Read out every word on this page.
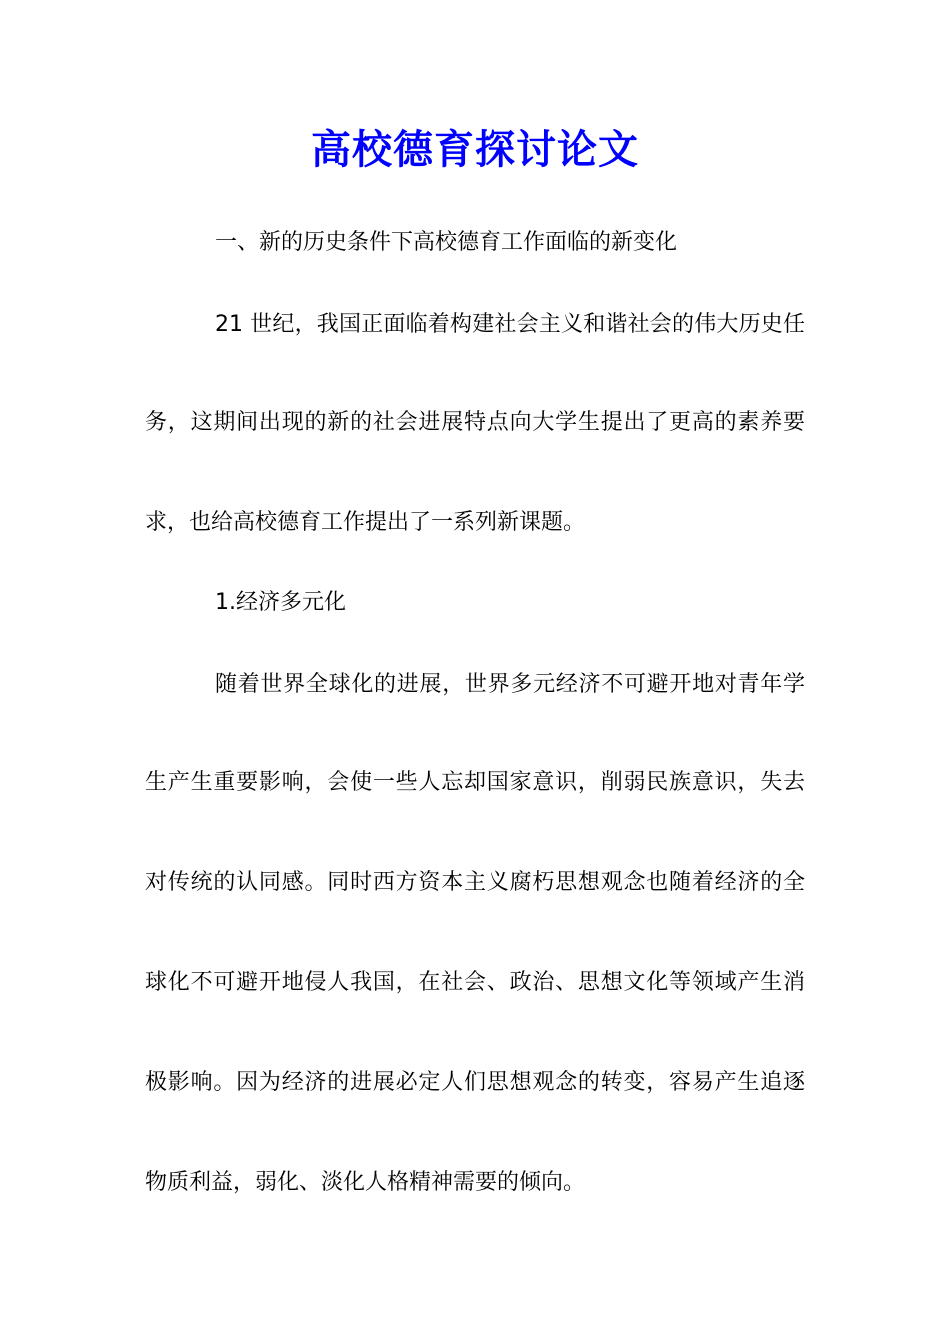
高校德育探讨论文
一、新的历史条件下高校德育工作面临的新变化
21 世纪，我国正面临着构建社会主义和谐社会的伟大历史任
务，这期间出现的新的社会进展特点向大学生提出了更高的素养要
求，也给高校德育工作提出了一系列新课题。
1.经济多元化
随着世界全球化的进展，世界多元经济不可避开地对青年学
生产生重要影响，会使一些人忘却国家意识，削弱民族意识，失去
对传统的认同感。同时西方资本主义腐朽思想观念也随着经济的全
球化不可避开地侵人我国，在社会、政治、思想文化等领域产生消
极影响。因为经济的进展必定人们思想观念的转变，容易产生追逐
物质利益，弱化、淡化人格精神需要的倾向。
